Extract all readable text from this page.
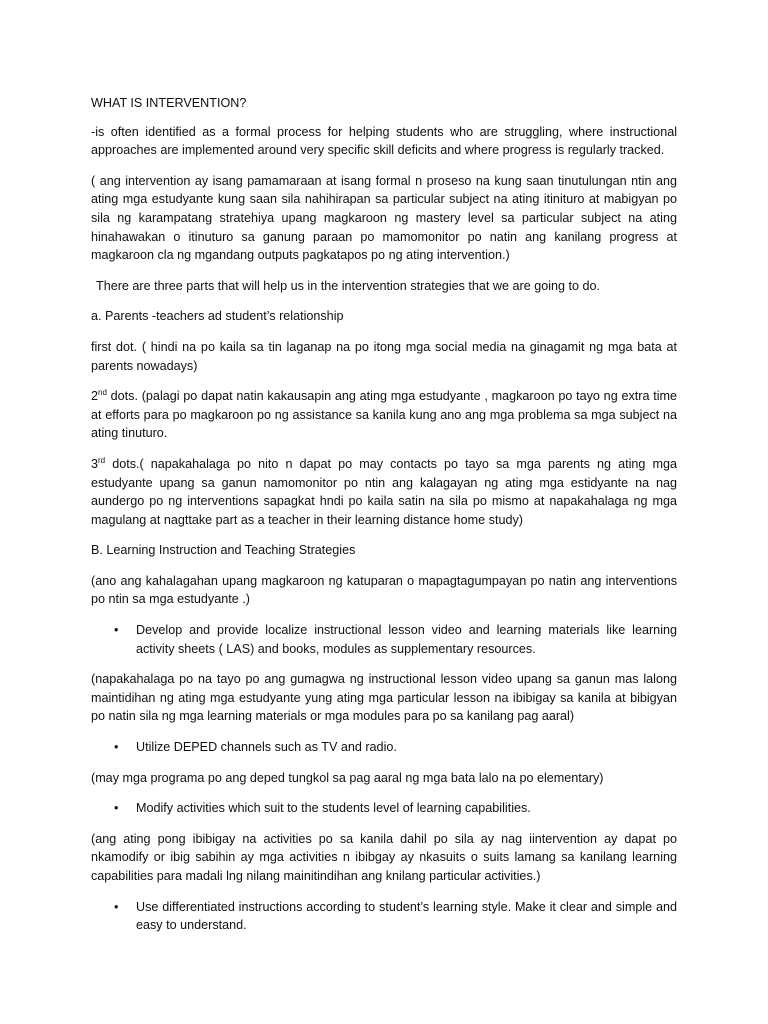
WHAT IS INTERVENTION?

-is often identified as a formal process for helping students who are struggling, where instructional approaches are implemented around very specific skill deficits and where progress is regularly tracked.

( ang intervention ay isang pamamaraan at isang formal n proseso na kung saan tinutulungan ntin ang ating mga estudyante kung saan sila nahihirapan sa particular subject na ating itinituro at mabigyan po sila ng karampatang stratehiya upang magkaroon ng mastery level sa particular subject na ating hinahawakan o itinuturo sa ganung paraan po mamomonitor po natin ang kanilang progress at magkaroon cla ng mgandang outputs pagkatapos po ng ating intervention.)

There are three parts that will help us in the intervention strategies that we are going to do.

a. Parents -teachers ad student’s relationship

first dot. ( hindi na po kaila sa tin laganap na po itong mga social media na ginagamit ng mga bata at parents nowadays)

2nd dots. (palagi po dapat natin kakausapin ang ating mga estudyante , magkaroon po tayo ng extra time at efforts para po magkaroon po ng assistance sa kanila kung ano ang mga problema sa mga subject na ating tinuturo.

3rd dots.( napakahalaga po nito n dapat po may contacts po tayo sa mga parents ng ating mga estudyante upang sa ganun namomonitor po ntin ang kalagayan ng ating mga estidyante na nag aundergo po ng interventions sapagkat hndi po kaila satin na sila po mismo at napakahalaga ng mga magulang at nagttake part as a teacher in their learning distance home study)

B. Learning Instruction and Teaching Strategies

(ano ang kahalagahan upang magkaroon ng katuparan o mapagtagumpayan po natin ang interventions po ntin sa mga estudyante .)

• Develop and provide localize instructional lesson video and learning materials like learning activity sheets ( LAS) and books, modules as supplementary resources.

(napakahalaga po na tayo po ang gumagwa ng instructional lesson video upang sa ganun mas lalong maintidihan ng ating mga estudyante yung ating mga particular lesson na ibibigay sa kanila at bibigyan po natin sila ng mga learning materials or mga modules para po sa kanilang pag aaral)

• Utilize DEPED channels such as TV and radio.

(may mga programa po ang deped tungkol sa pag aaral ng mga bata lalo na po elementary)

• Modify activities which suit to the students level of learning capabilities.

(ang ating pong ibibigay na activities po sa kanila dahil po sila ay nag iintervention ay dapat po nkamodify or ibig sabihin ay mga activities n ibibgay ay nkasuits o suits lamang sa kanilang learning capabilities para madali lng nilang mainitindihan ang knilang particular activities.)

• Use differentiated instructions according to student’s learning style. Make it clear and simple and easy to understand.
